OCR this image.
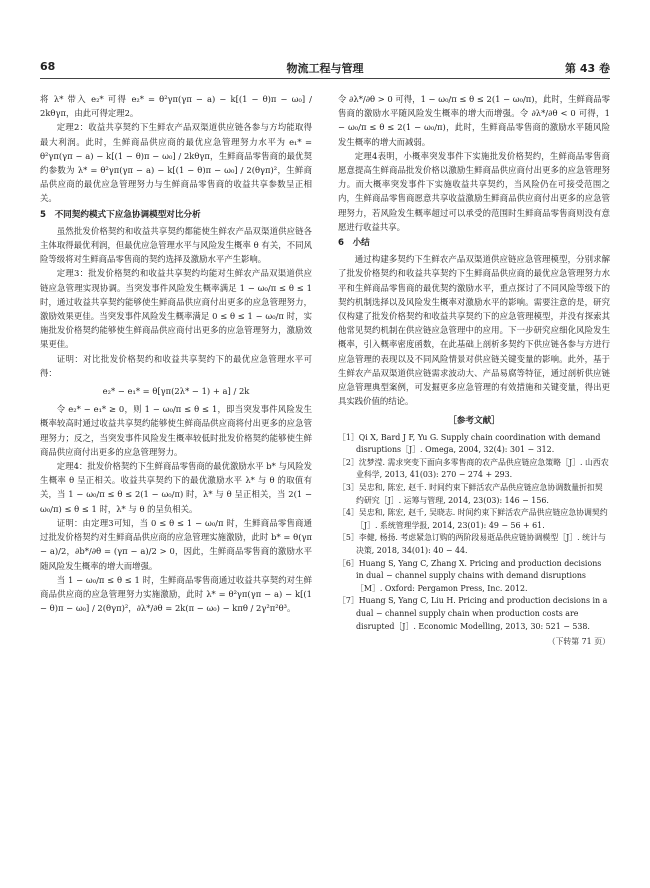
68	物流工程与管理	第 43 卷

将 λ* 带入 e₂* 可得 e₂* = θ²γπ(γπ − a) − k[(1 − θ)π − ω₀] / 2kθγπ，由此可得定理2。

定理2：收益共享契约下生鲜农产品双渠道供应链各参与方均能取得最大利润。此时，生鲜商品供应商的最优应急管理努力水平为 e₁* = θ²γπ(γπ − a) − k[(1 − θ)π − ω₀] / 2kθγπ，生鲜商品零售商的最优契约参数为 λ* = θ²γπ(γπ − a) − k[(1 − θ)π − ω₀] / 2(θγπ)²，生鲜商品供应商的最优应急管理努力与生鲜商品零售商的收益共享参数呈正相关。

5　不同契约模式下应急协调模型对比分析

虽然批发价格契约和收益共享契约都能使生鲜农产品双渠道供应链各主体取得最优利润，但最优应急管理水平与风险发生概率 θ 有关，不同风险等级将对生鲜商品零售商的契约选择及激励水平产生影响。

定理3：批发价格契约和收益共享契约均能对生鲜农产品双渠道供应链应急管理实现协调。当突发事件风险发生概率满足 1 − ω₀/π ≤ θ ≤ 1 时，通过收益共享契约能够使生鲜商品供应商付出更多的应急管理努力，激励效果更佳。当突发事件风险发生概率满足 0 ≤ θ ≤ 1 − ω₀/π 时，实施批发价格契约能够使生鲜商品供应商付出更多的应急管理努力，激励效果更佳。

证明：对比批发价格契约和收益共享契约下的最优应急管理水平可得：

e₂* − e₁* = θ[γπ(2λ* − 1) + a] / 2k

令 e₂* − e₁* ≥ 0，则 1 − ω₀/π ≤ θ ≤ 1，即当突发事件风险发生概率较高时通过收益共享契约能够使生鲜商品供应商将付出更多的应急管理努力；反之，当突发事件风险发生概率较低时批发价格契约能够使生鲜商品供应商付出更多的应急管理努力。

定理4：批发价格契约下生鲜商品零售商的最优激励水平 b* 与风险发生概率 θ 呈正相关。收益共享契约下的最优激励水平 λ* 与 θ 的取值有关，当 1 − ω₀/π ≤ θ ≤ 2(1 − ω₀/π) 时，λ* 与 θ 呈正相关，当 2(1 − ω₀/π) ≤ θ ≤ 1 时，λ* 与 θ 的呈负相关。

证明：由定理3可知，当 0 ≤ θ ≤ 1 − ω₀/π 时，生鲜商品零售商通过批发价格契约对生鲜商品供应商的应急管理实施激励，此时 b* = θ(γπ − a)/2，∂b*/∂θ = (γπ − a)/2 > 0，因此，生鲜商品零售商的激励水平随风险发生概率的增大而增强。

当 1 − ω₀/π ≤ θ ≤ 1 时，生鲜商品零售商通过收益共享契约对生鲜商品供应商的应急管理努力实施激励，此时 λ* = θ²γπ(γπ − a) − k[(1 − θ)π − ω₀] / 2(θγπ)²，∂λ*/∂θ = 2k(π − ω₀) − kπθ / 2γ²π²θ³。

令 ∂λ*/∂θ > 0 可得，1 − ω₀/π ≤ θ ≤ 2(1 − ω₀/π)，此时，生鲜商品零售商的激励水平随风险发生概率的增大而增强。令 ∂λ*/∂θ < 0 可得，1 − ω₀/π ≤ θ ≤ 2(1 − ω₀/π)，此时，生鲜商品零售商的激励水平随风险发生概率的增大而减弱。

定理4表明，小概率突发事件下实施批发价格契约，生鲜商品零售商愿意提高生鲜商品批发价格以激励生鲜商品供应商付出更多的应急管理努力。而大概率突发事件下实施收益共享契约，当风险仍在可接受范围之内，生鲜商品零售商愿意共享收益激励生鲜商品供应商付出更多的应急管理努力，若风险发生概率超过可以承受的范围时生鲜商品零售商则没有意愿进行收益共享。

6　小结

通过构建多契约下生鲜农产品双渠道供应链应急管理模型，分别求解了批发价格契约和收益共享契约下生鲜商品供应商的最优应急管理努力水平和生鲜商品零售商的最优契约激励水平，重点探讨了不同风险等级下的契约机制选择以及风险发生概率对激励水平的影响。需要注意的是，研究仅构建了批发价格契约和收益共享契约下的应急管理模型，并没有探索其他常见契约机制在供应链应急管理中的应用。下一步研究应细化风险发生概率，引入概率密度函数，在此基础上剖析多契约下供应链各参与方进行应急管理的表现以及不同风险情景对供应链关键变量的影响。此外，基于生鲜农产品双渠道供应链需求波动大、产品易腐等特征，通过剖析供应链应急管理典型案例，可发掘更多应急管理的有效措施和关键变量，得出更具实践价值的结论。

［参考文献］
［1］Qi X, Bard J F, Yu G. Supply chain coordination with demand disruptions［J］. Omega, 2004, 32(4): 301 − 312.
［2］沈梦滢. 需求突变下面向多零售商的农产品供应链应急策略［J］. 山西农业科学, 2013, 41(03): 270 − 274 + 293.
［3］吴忠和, 陈宏, 赵千. 时间约束下鲜活农产品供应链应急协调数量折扣契约研究［J］. 运筹与管理, 2014, 23(03): 146 − 156.
［4］吴忠和, 陈宏, 赵千, 吴晓志. 时间约束下鲜活农产品供应链应急协调契约［J］. 系统管理学报, 2014, 23(01): 49 − 56 + 61.
［5］李健, 杨扬. 考虑紧急订购的两阶段易逝品供应链协调模型［J］. 统计与决策, 2018, 34(01): 40 − 44.
［6］Huang S, Yang C, Zhang X. Pricing and production decisions in dual − channel supply chains with demand disruptions［M］. Oxford: Pergamon Press, Inc. 2012.
［7］Huang S, Yang C, Liu H. Pricing and production decisions in a dual − channel supply chain when production costs are disrupted［J］. Economic Modelling, 2013, 30: 521 − 538.
（下转第 71 页）
